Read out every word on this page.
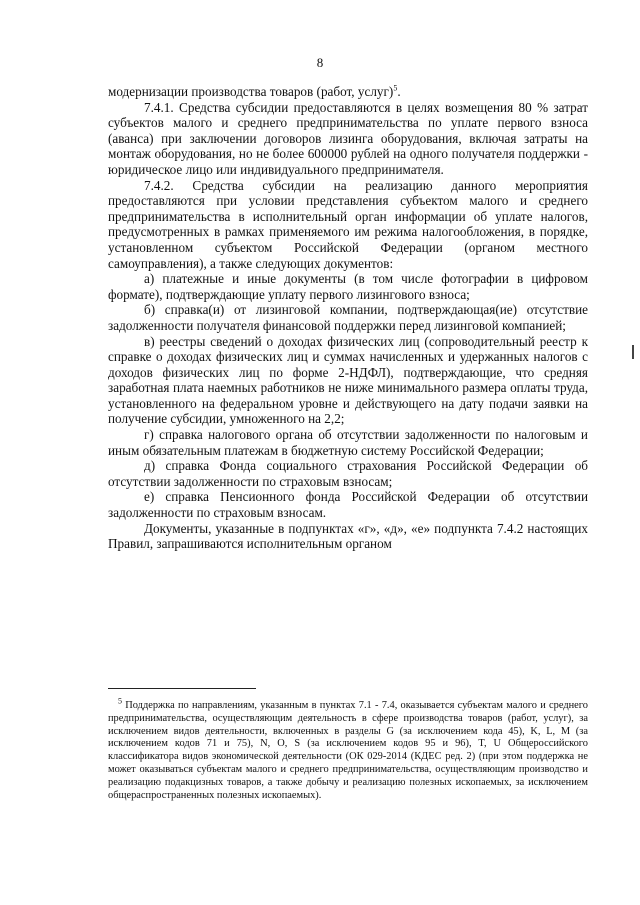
8

модернизации производства товаров (работ, услуг)$^5$.

7.4.1. Средства субсидии предоставляются в целях возмещения 80 % затрат субъектов малого и среднего предпринимательства по уплате первого взноса (аванса) при заключении договоров лизинга оборудования, включая затраты на монтаж оборудования, но не более 600000 рублей на одного получателя поддержки - юридическое лицо или индивидуального предпринимателя.

7.4.2. Средства субсидии на реализацию данного мероприятия предоставляются при условии представления субъектом малого и среднего предпринимательства в исполнительный орган информации об уплате налогов, предусмотренных в рамках применяемого им режима налогообложения, в порядке, установленном субъектом Российской Федерации (органом местного самоуправления), а также следующих документов:

а) платежные и иные документы (в том числе фотографии в цифровом формате), подтверждающие уплату первого лизингового взноса;

б) справка(и) от лизинговой компании, подтверждающая(ие) отсутствие задолженности получателя финансовой поддержки перед лизинговой компанией;

в) реестры сведений о доходах физических лиц (сопроводительный реестр к справке о доходах физических лиц и суммах начисленных и удержанных налогов с доходов физических лиц по форме 2-НДФЛ), подтверждающие, что средняя заработная плата наемных работников не ниже минимального размера оплаты труда, установленного на федеральном уровне и действующего на дату подачи заявки на получение субсидии, умноженного на 2,2;

г) справка налогового органа об отсутствии задолженности по налоговым и иным обязательным платежам в бюджетную систему Российской Федерации;

д) справка Фонда социального страхования Российской Федерации об отсутствии задолженности по страховым взносам;

е) справка Пенсионного фонда Российской Федерации об отсутствии задолженности по страховым взносам.

Документы, указанные в подпунктах «г», «д», «е» подпункта 7.4.2 настоящих Правил, запрашиваются исполнительным органом

$^5$ Поддержка по направлениям, указанным в пунктах 7.1 - 7.4, оказывается субъектам малого и среднего предпринимательства, осуществляющим деятельность в сфере производства товаров (работ, услуг), за исключением видов деятельности, включенных в разделы G (за исключением кода 45), K, L, M (за исключением кодов 71 и 75), N, O, S (за исключением кодов 95 и 96), T, U Общероссийского классификатора видов экономической деятельности (ОК 029-2014 (КДЕС ред. 2) (при этом поддержка не может оказываться субъектам малого и среднего предпринимательства, осуществляющим производство и реализацию подакцизных товаров, а также добычу и реализацию полезных ископаемых, за исключением общераспространенных полезных ископаемых).
